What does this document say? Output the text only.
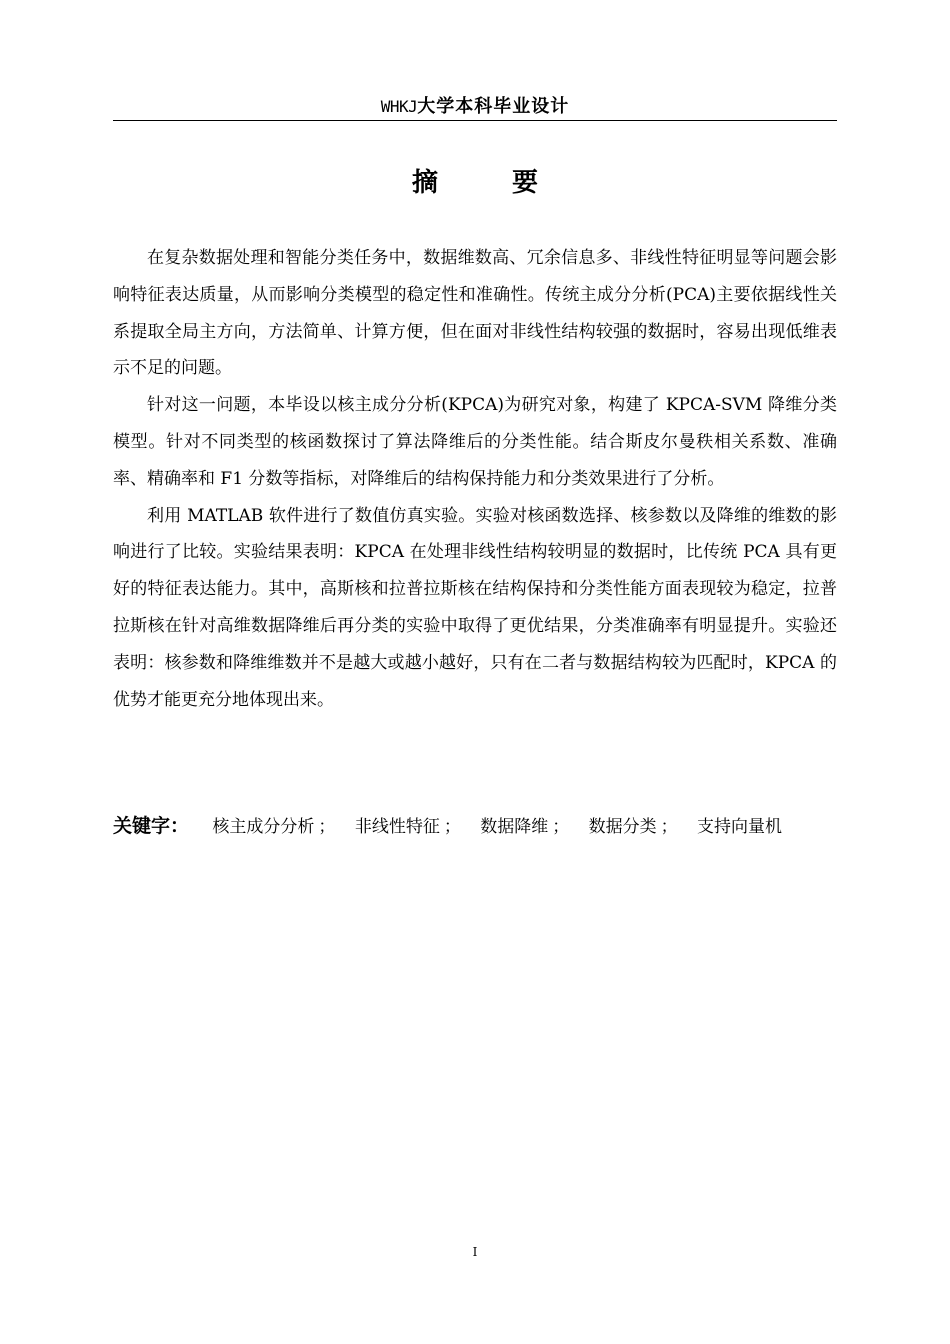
WHKJ大学本科毕业设计
摘　要

在复杂数据处理和智能分类任务中，数据维数高、冗余信息多、非线性特征明显等问题会影响特征表达质量，从而影响分类模型的稳定性和准确性。传统主成分分析(PCA)主要依据线性关系提取全局主方向，方法简单、计算方便，但在面对非线性结构较强的数据时，容易出现低维表示不足的问题。

针对这一问题，本毕设以核主成分分析(KPCA)为研究对象，构建了 KPCA-SVM 降维分类模型。针对不同类型的核函数探讨了算法降维后的分类性能。结合斯皮尔曼秩相关系数、准确率、精确率和 F1 分数等指标，对降维后的结构保持能力和分类效果进行了分析。

利用 MATLAB 软件进行了数值仿真实验。实验对核函数选择、核参数以及降维的维数的影响进行了比较。实验结果表明：KPCA 在处理非线性结构较明显的数据时，比传统 PCA 具有更好的特征表达能力。其中，高斯核和拉普拉斯核在结构保持和分类性能方面表现较为稳定，拉普拉斯核在针对高维数据降维后再分类的实验中取得了更优结果，分类准确率有明显提升。实验还表明：核参数和降维维数并不是越大或越小越好，只有在二者与数据结构较为匹配时，KPCA 的优势才能更充分地体现出来。

关键字： 核主成分分析 ； 非线性特征 ； 数据降维 ； 数据分类 ； 支持向量机
I
